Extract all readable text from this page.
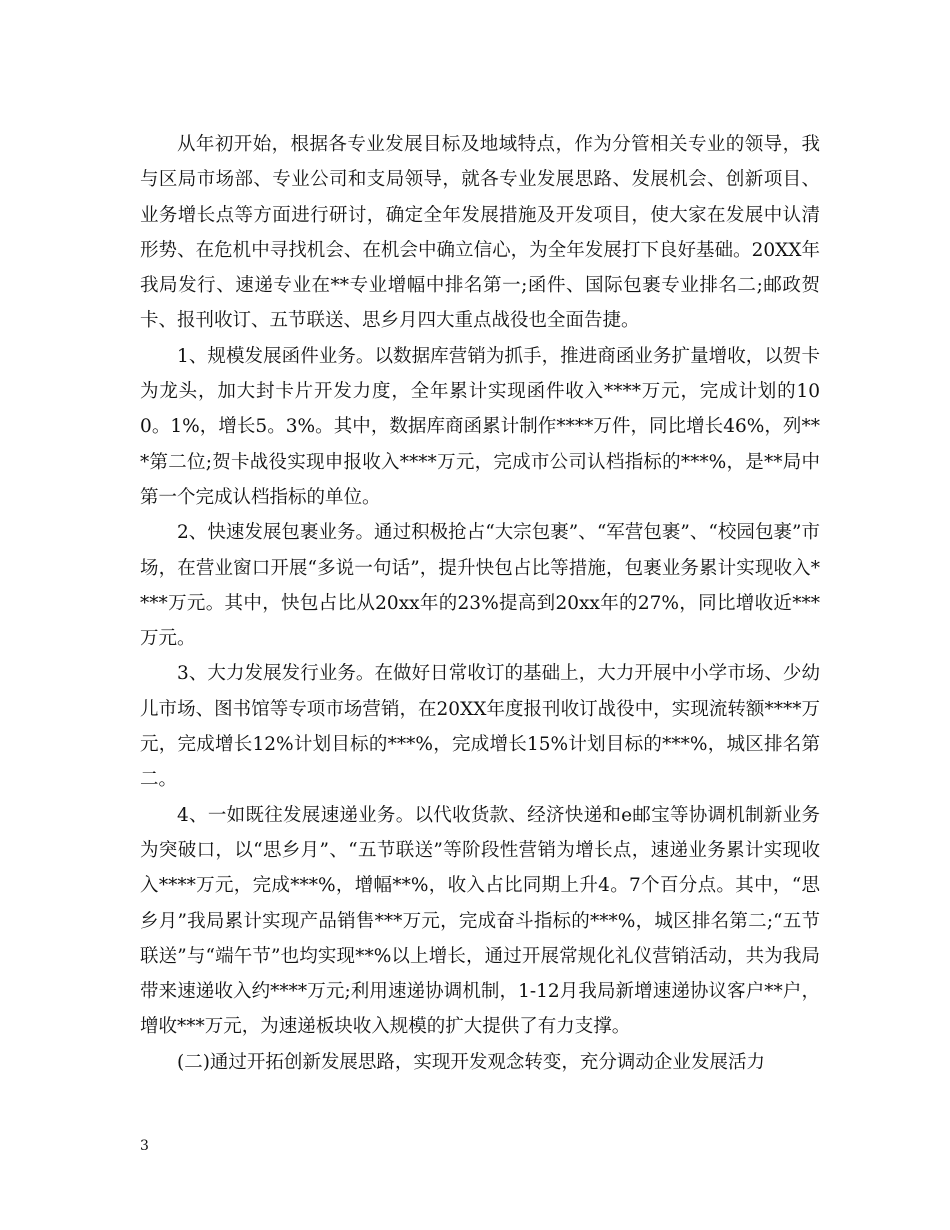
从年初开始，根据各专业发展目标及地域特点，作为分管相关专业的领导，我与区局市场部、专业公司和支局领导，就各专业发展思路、发展机会、创新项目、业务增长点等方面进行研讨，确定全年发展措施及开发项目，使大家在发展中认清形势、在危机中寻找机会、在机会中确立信心，为全年发展打下良好基础。20XX年我局发行、速递专业在**专业增幅中排名第一;函件、国际包裹专业排名二;邮政贺卡、报刊收订、五节联送、思乡月四大重点战役也全面告捷。

1、规模发展函件业务。以数据库营销为抓手，推进商函业务扩量增收，以贺卡为龙头，加大封卡片开发力度，全年累计实现函件收入****万元，完成计划的100。1%，增长5。3%。其中，数据库商函累计制作****万件，同比增长46%，列***第二位;贺卡战役实现申报收入****万元，完成市公司认档指标的***%，是**局中第一个完成认档指标的单位。

2、快速发展包裹业务。通过积极抢占“大宗包裹”、“军营包裹”、“校园包裹”市场，在营业窗口开展“多说一句话”，提升快包占比等措施，包裹业务累计实现收入****万元。其中，快包占比从20xx年的23%提高到20xx年的27%，同比增收近***万元。

3、大力发展发行业务。在做好日常收订的基础上，大力开展中小学市场、少幼儿市场、图书馆等专项市场营销，在20XX年度报刊收订战役中，实现流转额****万元，完成增长12%计划目标的***%，完成增长15%计划目标的***%，城区排名第二。

4、一如既往发展速递业务。以代收货款、经济快递和e邮宝等协调机制新业务为突破口，以“思乡月”、“五节联送”等阶段性营销为增长点，速递业务累计实现收入****万元，完成***%，增幅**%，收入占比同期上升4。7个百分点。其中，“思乡月”我局累计实现产品销售***万元，完成奋斗指标的***%，城区排名第二;“五节联送”与“端午节”也均实现**%以上增长，通过开展常规化礼仪营销活动，共为我局带来速递收入约****万元;利用速递协调机制，1-12月我局新增速递协议客户**户，增收***万元，为速递板块收入规模的扩大提供了有力支撑。

(二)通过开拓创新发展思路，实现开发观念转变，充分调动企业发展活力

3
